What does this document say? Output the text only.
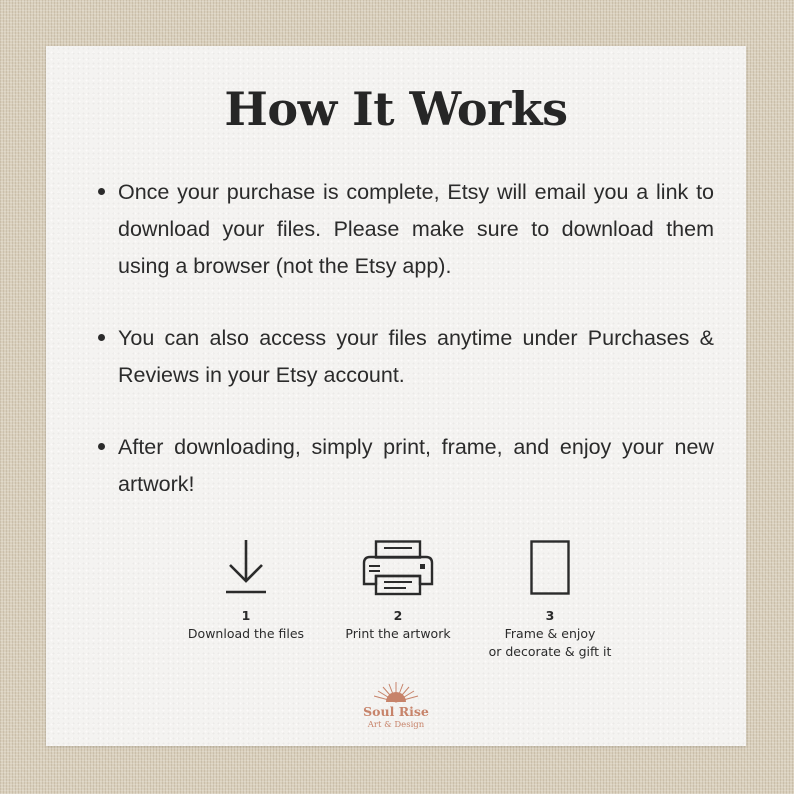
How It Works
Once your purchase is complete, Etsy will email you a link to download your files. Please make sure to download them using a browser (not the Etsy app).
You can also access your files anytime under Purchases & Reviews in your Etsy account.
After downloading, simply print, frame, and enjoy your new artwork!
1
Download the files
2
Print the artwork
3
Frame & enjoy
or decorate & gift it
Soul Rise
Art & Design
